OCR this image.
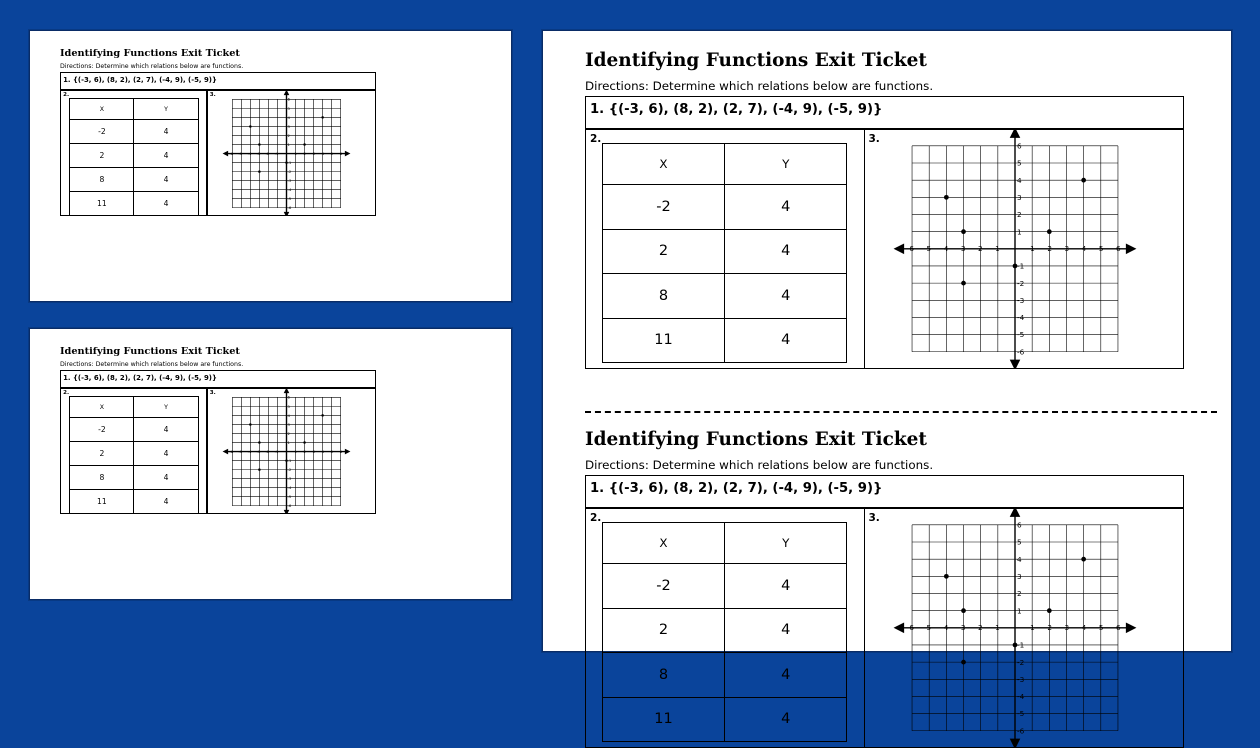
Identifying Functions Exit Ticket
Directions: Determine which relations below are functions.
1. {(-3, 6), (8, 2), (2, 7), (-4, 9), (-5, 9)}
2.
X	Y
-2	4
2	4
8	4
11	4
3.
-6 -5 -4 -3 -2 -1	1 2 3 4 5 6
6
5
4
3
2
1
-1
-2
-3
-4
-5
-6
Identifying Functions Exit Ticket
Directions: Determine which relations below are functions.
1. {(-3, 6), (8, 2), (2, 7), (-4, 9), (-5, 9)}
2.
X	Y
-2	4
2	4
8	4
11	4
3.
-6 -5 -4 -3 -2 -1	1 2 3 4 5 6
6
5
4
3
2
1
-1
-2
-3
-4
-5
-6
Identifying Functions Exit Ticket
Directions: Determine which relations below are functions.
1. {(-3, 6), (8, 2), (2, 7), (-4, 9), (-5, 9)}
2.
X	Y
-2	4
2	4
8	4
11	4
3.
-6 -5 -4 -3 -2 -1	1 2 3 4 5 6
6
5
4
3
2
1
-1
-2
-3
-4
-5
-6
Identifying Functions Exit Ticket
Directions: Determine which relations below are functions.
1. {(-3, 6), (8, 2), (2, 7), (-4, 9), (-5, 9)}
2.
X	Y
-2	4
2	4
8	4
11	4
3.
-6 -5 -4 -3 -2 -1	1 2 3 4 5 6
6
5
4
3
2
1
-1
-2
-3
-4
-5
-6
